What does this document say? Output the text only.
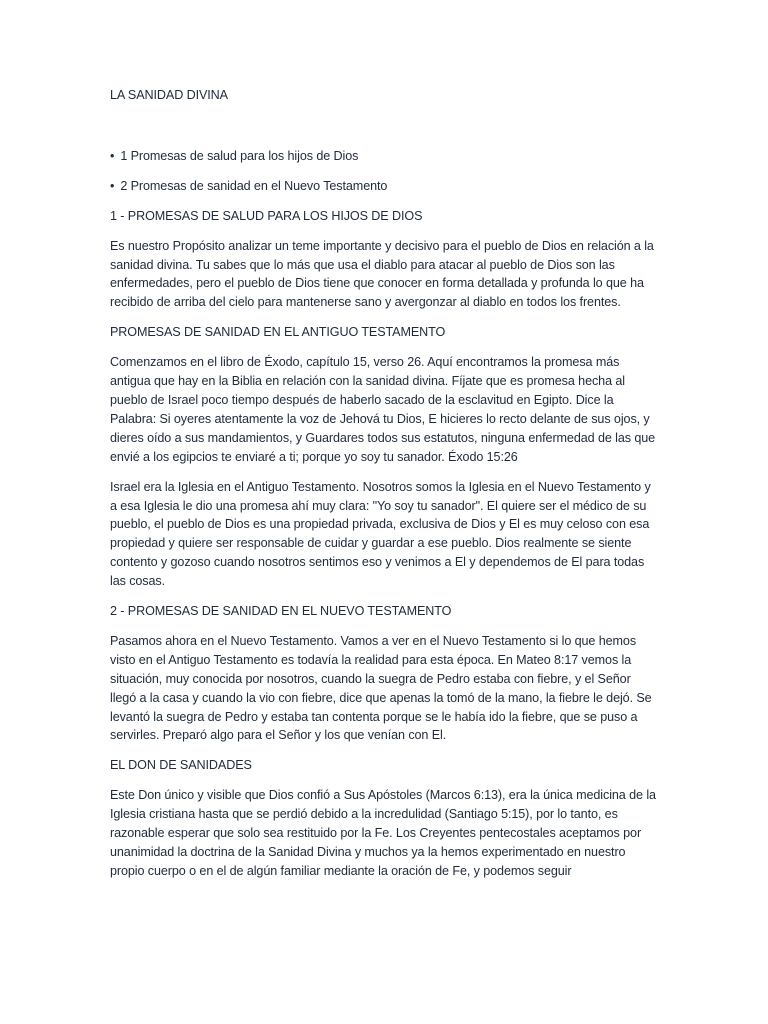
LA SANIDAD DIVINA
• 1 Promesas de salud para los hijos de Dios
• 2 Promesas de sanidad en el Nuevo Testamento
1 - PROMESAS DE SALUD PARA LOS HIJOS DE DIOS

Es nuestro Propósito analizar un teme importante y decisivo para el pueblo de Dios en relación a la sanidad divina. Tu sabes que lo más que usa el diablo para atacar al pueblo de Dios son las enfermedades, pero el pueblo de Dios tiene que conocer en forma detallada y profunda lo que ha recibido de arriba del cielo para mantenerse sano y avergonzar al diablo en todos los frentes.

PROMESAS DE SANIDAD EN EL ANTIGUO TESTAMENTO

Comenzamos en el libro de Éxodo, capítulo 15, verso 26. Aquí encontramos la promesa más antigua que hay en la Biblia en relación con la sanidad divina. Fíjate que es promesa hecha al pueblo de Israel poco tiempo después de haberlo sacado de la esclavitud en Egipto. Dice la Palabra: Si oyeres atentamente la voz de Jehová tu Dios, E hicieres lo recto delante de sus ojos, y dieres oído a sus mandamientos, y Guardares todos sus estatutos, ninguna enfermedad de las que envié a los egipcios te enviaré a ti; porque yo soy tu sanador. Éxodo 15:26

Israel era la Iglesia en el Antiguo Testamento. Nosotros somos la Iglesia en el Nuevo Testamento y a esa Iglesia le dio una promesa ahí muy clara: "Yo soy tu sanador". El quiere ser el médico de su pueblo, el pueblo de Dios es una propiedad privada, exclusiva de Dios y El es muy celoso con esa propiedad y quiere ser responsable de cuidar y guardar a ese pueblo. Dios realmente se siente contento y gozoso cuando nosotros sentimos eso y venimos a El y dependemos de El para todas las cosas.

2 - PROMESAS DE SANIDAD EN EL NUEVO TESTAMENTO

Pasamos ahora en el Nuevo Testamento. Vamos a ver en el Nuevo Testamento si lo que hemos visto en el Antiguo Testamento es todavía la realidad para esta época. En Mateo 8:17 vemos la situación, muy conocida por nosotros, cuando la suegra de Pedro estaba con fiebre, y el Señor llegó a la casa y cuando la vio con fiebre, dice que apenas la tomó de la mano, la fiebre le dejó. Se levantó la suegra de Pedro y estaba tan contenta porque se le había ido la fiebre, que se puso a servirles. Preparó algo para el Señor y los que venían con El.

EL DON DE SANIDADES

Este Don único y visible que Dios confió a Sus Apóstoles (Marcos 6:13), era la única medicina de la Iglesia cristiana hasta que se perdió debido a la incredulidad (Santiago 5:15), por lo tanto, es razonable esperar que solo sea restituido por la Fe. Los Creyentes pentecostales aceptamos por unanimidad la doctrina de la Sanidad Divina y muchos ya la hemos experimentado en nuestro propio cuerpo o en el de algún familiar mediante la oración de Fe, y podemos seguir
